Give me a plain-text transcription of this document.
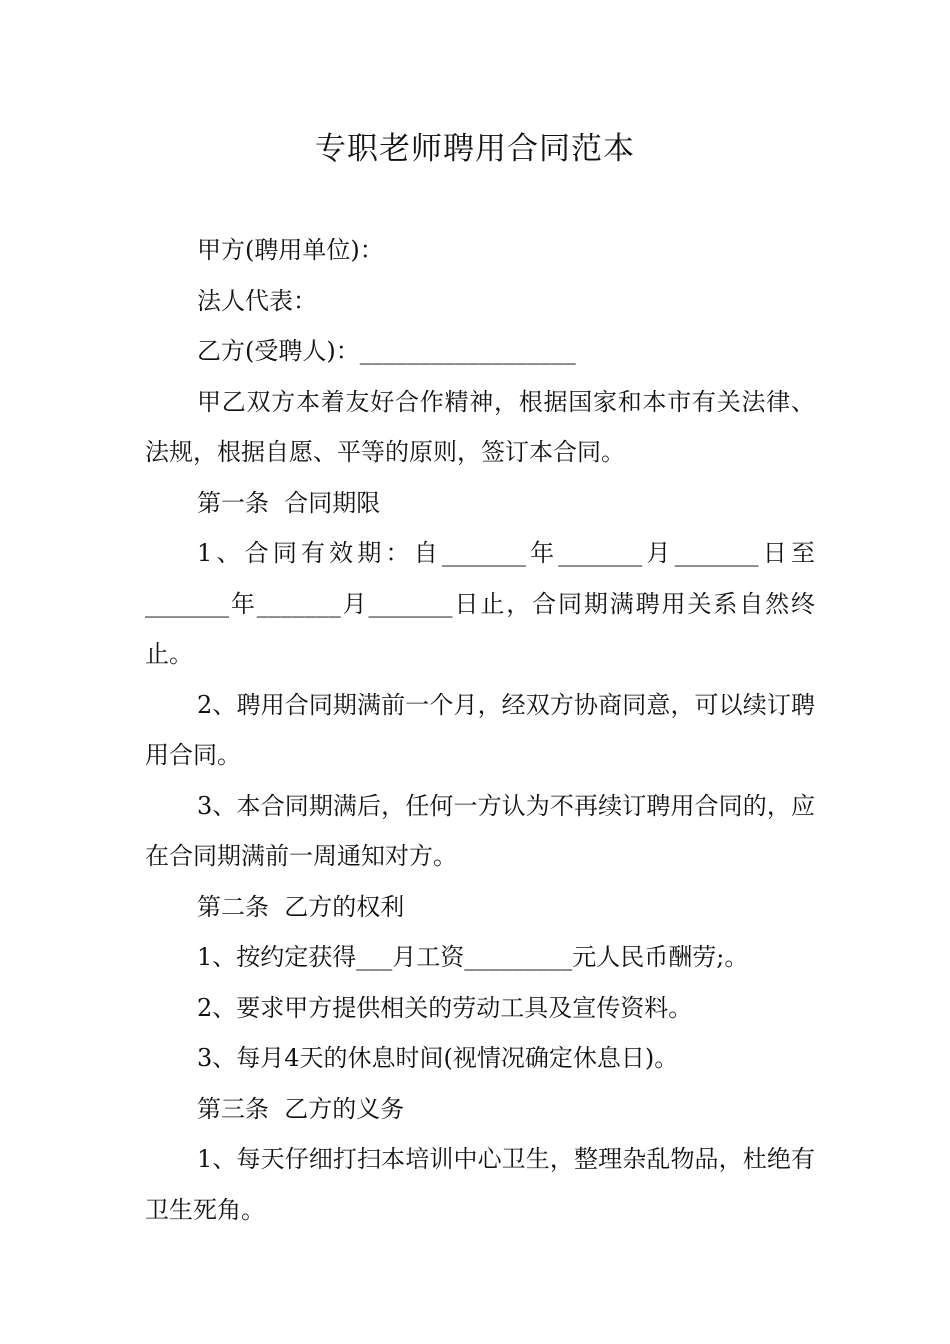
专职老师聘用合同范本

甲方(聘用单位)：

法人代表：

乙方(受聘人)：__________________

甲乙双方本着友好合作精神，根据国家和本市有关法律、法规，根据自愿、平等的原则，签订本合同。

第一条  合同期限

1、合同有效期：自_______年_______月_______日至_______年_______月_______日止，合同期满聘用关系自然终止。

2、聘用合同期满前一个月，经双方协商同意，可以续订聘用合同。

3、本合同期满后，任何一方认为不再续订聘用合同的，应在合同期满前一周通知对方。

第二条  乙方的权利

1、按约定获得___月工资_________元人民币酬劳;。

2、要求甲方提供相关的劳动工具及宣传资料。

3、每月4天的休息时间(视情况确定休息日)。

第三条  乙方的义务

1、每天仔细打扫本培训中心卫生，整理杂乱物品，杜绝有卫生死角。
